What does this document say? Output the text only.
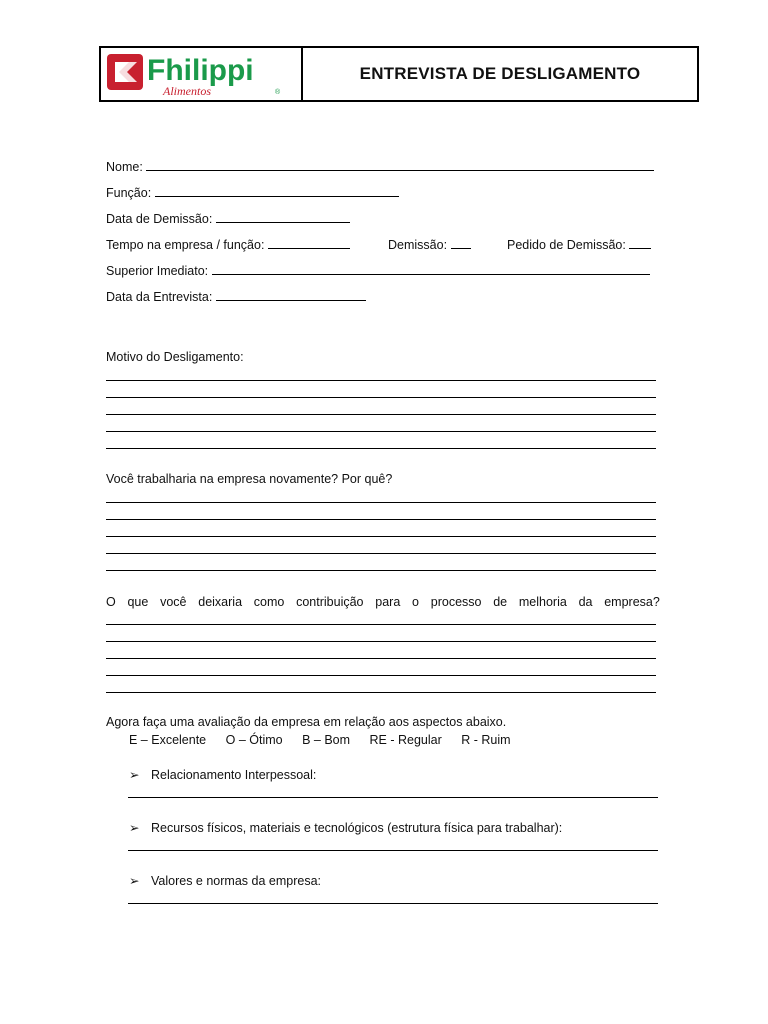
Fhilippi
Alimentos	®
ENTREVISTA DE DESLIGAMENTO
Nome:
Função:
Data de Demissão:
Tempo na empresa / função:	Demissão:	Pedido de Demissão:
Superior Imediato:
Data da Entrevista:
Motivo do Desligamento:
Você trabalharia na empresa novamente? Por quê?
O que você deixaria como contribuição para o processo de melhoria da empresa?
Agora faça uma avaliação da empresa em relação aos aspectos abaixo.
E – Excelente O – Ótimo B – Bom RE - Regular R - Ruim
➢ Relacionamento Interpessoal:
➢ Recursos físicos, materiais e tecnológicos (estrutura física para trabalhar):
➢ Valores e normas da empresa:
